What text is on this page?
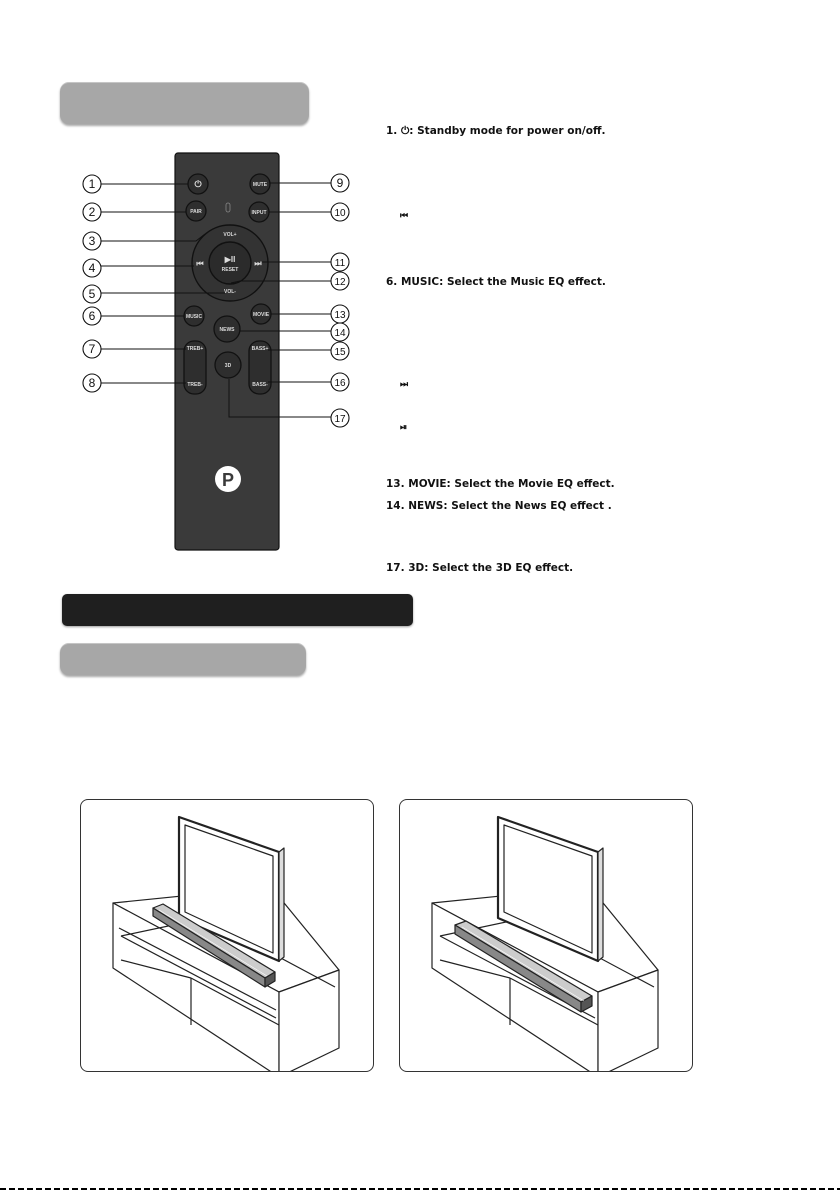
P
⏻	MUTE
PAIR	INPUT
VOL+
VOL-
⏮	⏭
▶II
RESET
MUSIC	MOVIE
NEWS
TREB+
TREB-
BASS+
BASS-
3D
1
2
3
4
5
6
7
8
9
10
11
12
13
14
15
16
17
1. ⏻: Standby mode for power on/off.
⏮
6. MUSIC: Select the Music EQ effect.
⏭
⏯
13. MOVIE: Select the Movie EQ effect.
14. NEWS: Select the News EQ effect .
17. 3D: Select the 3D EQ effect.
